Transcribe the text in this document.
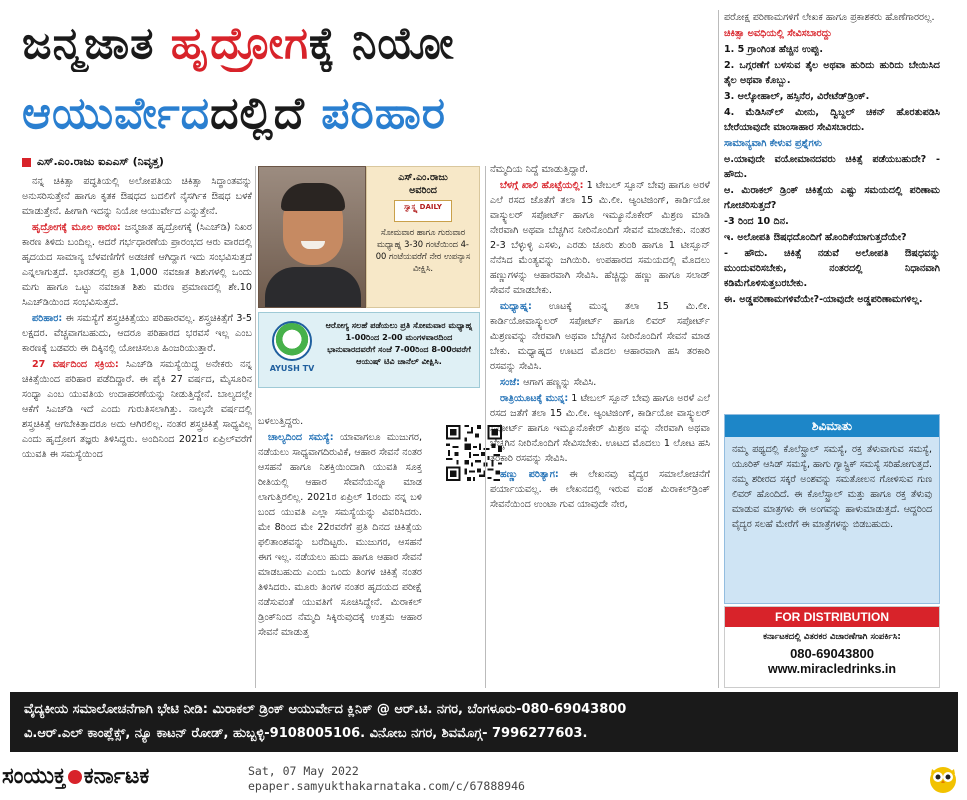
ಜನ್ಮಜಾತ ಹೃದ್ರೋಗಕ್ಕೆ ನಿಯೋ
ಆಯುರ್ವೇದದಲ್ಲಿದೆ ಪರಿಹಾರ
ಎಸ್.ಎಂ.ರಾಜು ಐಎಎಸ್ (ನಿವೃತ್ತ)

ನನ್ನ ಚಿಕಿತ್ಸಾ ಪದ್ಧತಿಯಲ್ಲಿ ಅಲೋಪತಿಯ ಚಿಕಿತ್ಸಾ ಸಿದ್ಧಾಂತವನ್ನು ಅನುಸರಿಸುತ್ತೇನೆ ಹಾಗೂ ಕೃತಕ ಔಷಧದ ಬದಲಿಗೆ ನೈಸರ್ಗಿಕ ಔಷಧ ಬಳಕೆ ಮಾಡುತ್ತೇನೆ. ಹೀಗಾಗಿ ಇದನ್ನು ನಿಯೋ ಆಯುರ್ವೇದ ಎನ್ನುತ್ತೇನೆ.

ಹೃದ್ರೋಗಕ್ಕೆ ಮೂಲ ಕಾರಣ: ಜನ್ಮಜಾತ ಹೃದ್ರೋಗಕ್ಕೆ (ಸಿಎಚ್‌ಡಿ) ನಿಖರ ಕಾರಣ ತಿಳಿದು ಬಂದಿಲ್ಲ. ಆದರೆ ಗರ್ಭಧಾರಣೆಯ ಪ್ರಾರಂಭದ ಆರು ವಾರದಲ್ಲಿ ಹೃದಯದ ಸಾಮಾನ್ಯ ಬೆಳವಣಿಗೆಗೆ ಅಡಚಣೆ ಆಗಿದ್ದಾಗ ಇದು ಸಂಭವಿಸುತ್ತದೆ ಎನ್ನಲಾಗುತ್ತದೆ. ಭಾರತದಲ್ಲಿ ಪ್ರತಿ 1,000 ನವಜಾತ ಶಿಶುಗಳಲ್ಲಿ ಒಂದು ಮಗು ಹಾಗೂ ಒಟ್ಟು ನವಜಾತ ಶಿಶು ಮರಣ ಪ್ರಮಾಣದಲ್ಲಿ ಶೇ.10 ಸಿಎಚ್‌ಡಿಯಿಂದ ಸಂಭವಿಸುತ್ತದೆ.

ಪರಿಹಾರ: ಈ ಸಮಸ್ಯೆಗೆ ಶಸ್ತ್ರಚಿಕಿತ್ಸೆಯು ಪರಿಹಾರವಲ್ಲ. ಶಸ್ತ್ರಚಿಕಿತ್ಸೆಗೆ 3-5 ಲಕ್ಷದರ. ವೆಚ್ಚವಾಗಬಹುದು, ಆದರೂ ಪರಿಹಾರದ ಭರವಸೆ ಇಲ್ಲ ಎಂಬ ಕಾರಣಕ್ಕೆ ಬಡವರು ಈ ದಿಕ್ಕಿನಲ್ಲಿ ಯೋಚಿಸಲೂ ಹಿಂಜರಿಯುತ್ತಾರೆ.

27 ವರ್ಷದಿಂದ ಸಕ್ರಿಯ: ಸಿಎಚ್‌ಡಿ ಸಮಸ್ಯೆಯಿದ್ದ ಅನೇಕರು ನನ್ನ ಚಿಕಿತ್ಸೆಯಿಂದ ಪರಿಹಾರ ಪಡೆದಿದ್ದಾರೆ. ಈ ಪೈಕಿ 27 ವರ್ಷದ, ಮೈಸೂರಿನ ಸಂಧ್ಯಾ ಎಂಬ ಯುವತಿಯ ಉದಾಹರಣೆಯನ್ನು ನೀಡುತ್ತಿದ್ದೇನೆ. ಬಾಲ್ಯದಲ್ಲೇ ಆಕೆಗೆ ಸಿಎಚ್‌ಡಿ ಇದೆ ಎಂದು ಗುರುತಿಸಲಾಗಿತ್ತು. ನಾಲ್ಕನೇ ವರ್ಷದಲ್ಲಿ ಶಸ್ತ್ರಚಿಕಿತ್ಸೆ ಆಗಬೇಕಿತ್ತಾದರೂ ಅದು ಆಗಿರಲಿಲ್ಲ. ನಂತರ ಶಸ್ತ್ರಚಿಕಿತ್ಸೆ ಸಾಧ್ಯವಿಲ್ಲ ಎಂದು ಹೃದ್ರೋಗ ತಜ್ಞರು ತಿಳಿಸಿದ್ದರು. ಅಂದಿನಿಂದ 2021ರ ಏಪ್ರಿಲ್‌ವರೆಗೆ ಯುವತಿ ಈ ಸಮಸ್ಯೆಯಿಂದ

ಎಸ್.ಎಂ.ರಾಜು
ಅವರಿಂದ
ಸ್ವಾಸ್ಥ್ಯ DAILY
ಸೋಮವಾರ ಹಾಗೂ ಗುರುವಾರ ಮಧ್ಯಾಹ್ನ 3-30 ಗಂಟೆಯಿಂದ 4-00 ಗಂಟೆಯವರೆಗೆ ನೇರ ಉಪನ್ಯಾಸ ವೀಕ್ಷಿಸಿ.
AYUSH TV
ಆರೋಗ್ಯ ಸಲಹೆ ಪಡೆಯಲು ಪ್ರತಿ ಸೋಮವಾರ ಮಧ್ಯಾಹ್ನ 1-00ರಿಂದ 2-00 ಮಂಗಳವಾರದಿಂದ ಭಾನುವಾರದವರೆಗೆ ಸಂಜೆ 7-00ರಿಂದ 8-00ರವರೆಗೆ ಆಯುಷ್ ಟಿವಿ ಚಾನೆಲ್ ವೀಕ್ಷಿಸಿ.

ಬಳಲುತ್ತಿದ್ದರು.

ಚಾಲ್ಯದಿಂದ ಸಮಸ್ಯೆ: ಯಾವಾಗಲೂ ಮುಜುಗರ, ನಡೆಯಲು ಸಾಧ್ಯವಾಗದಿರುವಿಕೆ, ಆಹಾರ ಸೇವನೆ ನಂತರ ಆಸಹನೆ ಹಾಗೂ ನಿಶಕ್ತಿಯಿಂದಾಗಿ ಯುವತಿ ಸೂಕ್ತ ರೀತಿಯಲ್ಲಿ ಆಹಾರ ಸೇವನೆಯನ್ನೂ ಮಾಡ ಲಾಗುತ್ತಿರಲಿಲ್ಲ. 2021ರ ಏಪ್ರಿಲ್ 1ರಂದು ನನ್ನ ಬಳಿ ಬಂದ ಯುವತಿ ಎಲ್ಲಾ ಸಮಸ್ಯೆಯನ್ನು ವಿವರಿಸಿದರು. ಮೇ 8ರಿಂದ ಮೇ 22ರವರೆಗೆ ಪ್ರತಿ ದಿನದ ಚಿಕಿತ್ಸೆಯ ಫಲಿತಾಂಶವನ್ನು ಬರೆದಿಟ್ಟರು. ಮುಜುಗರ, ಆಸಹನೆ ಈಗ ಇಲ್ಲ. ನಡೆಯಲು ಹುದು ಹಾಗೂ ಆಹಾರ ಸೇವನೆ ಮಾಡಬಹುದು ಎಂದು ಒಂದು ತಿಂಗಳ ಚಿಕಿತ್ಸೆ ನಂತರ ತಿಳಿಸಿದರು. ಮೂರು ತಿಂಗಳ ನಂತರ ಹೃದಯದ ಪರೀಕ್ಷೆ ನಡೆಸುವಂತೆ ಯುವತಿಗೆ ಸೂಚಿಸಿದ್ದೇನೆ. ಮಿರಾಕಲ್ ಡ್ರಿಂಕ್‌ನಿಂದ ನೆಮ್ಮದಿ ಸಿಕ್ಕಿರುವುದಕ್ಕೆ ಉತ್ತಮ ಆಹಾರ ಸೇವನೆ ಮಾಡುತ್ತ

ನೆಮ್ಮದಿಯ ನಿದ್ದೆ ಮಾಡುತ್ತಿದ್ದಾರೆ.

ಬೆಳಗ್ಗೆ ಖಾಲಿ ಹೊಟ್ಟೆಯಲ್ಲಿ: 1 ಟೇಬಲ್ ಸ್ಪೂನ್ ಬೇವು ಹಾಗೂ ಅರಳೆ ಎಲೆ ರಸದ ಜೊತೆಗೆ ತಲಾ 15 ಮಿ.ಲೀ. ಆ್ಯಂಟಿಜಿಂಗ್, ಕಾರ್ಡಿಯೋ ವಾಸ್ಕ್ಯುಲರ್ ಸಪೋರ್ಟ್ ಹಾಗೂ ಇಮ್ಯೂನೊಕೇರ್ ಮಿಶ್ರಣ ಮಾಡಿ ನೇರವಾಗಿ ಅಥವಾ ಬೆಚ್ಚಗಿನ ನೀರಿನೊಂದಿಗೆ ಸೇವನೆ ಮಾಡಬೇಕು. ನಂತರ 2-3 ಬೆಳ್ಳುಳ್ಳಿ ಎಸಳು, ಎರಡು ಚೂರು ಶುಂಠಿ ಹಾಗೂ 1 ಟೀಸ್ಪೂನ್ ನೆನೆಸಿದ ಮೆಂತ್ಯವನ್ನು ಜಗಿಯಿರಿ. ಉಪಹಾರದ ಸಮಯದಲ್ಲಿ ಮೊದಲು ಹಣ್ಣುಗಳನ್ನು ಆಹಾರವಾಗಿ ಸೇವಿಸಿ. ಹೆಚ್ಚಿದ್ದು ಹಣ್ಣು ಹಾಗೂ ಸಲಾಡ್ ಸೇವನೆ ಮಾಡಬೇಕು.

ಮಧ್ಯಾಹ್ನ: ಊಟಕ್ಕೆ ಮುನ್ನ ತಲಾ 15 ಮಿ.ಲೀ. ಕಾರ್ಡಿಯೋವಾಸ್ಕ್ಯುಲರ್ ಸಪೋರ್ಟ್ ಹಾಗೂ ಲಿವರ್ ಸಪೋರ್ಟ್ ಮಿಶ್ರಣವನ್ನು ನೇರವಾಗಿ ಅಥವಾ ಬೆಚ್ಚಗಿನ ನೀರಿನೊಂದಿಗೆ ಸೇವನೆ ಮಾಡ ಬೇಕು. ಮಧ್ಯಾಹ್ನದ ಊಟದ ಮೊದಲ ಆಹಾರವಾಗಿ ಹಸಿ ತರಕಾರಿ ರಸವನ್ನು ಸೇವಿಸಿ.

ಸಂಜೆ: ಆಗಾಗ ಹಣ್ಣನ್ನು ಸೇವಿಸಿ.

ರಾತ್ರಿಯೂಟಕ್ಕೆ ಮುನ್ನ: 1 ಟೇಬಲ್ ಸ್ಪೂನ್ ಬೇವು ಹಾಗೂ ಅರಳೆ ಎಲೆ ರಸದ ಜತೆಗೆ ತಲಾ 15 ಮಿ.ಲೀ. ಆ್ಯಂಟಿಜಿಂಗ್, ಕಾರ್ಡಿಯೋ ವಾಸ್ಕ್ಯುಲರ್ ಸಪೋರ್ಟ್ ಹಾಗೂ ಇಮ್ಯೂನೊಕೇರ್ ಮಿಶ್ರಣ ವನ್ನು ನೇರವಾಗಿ ಅಥವಾ ಬೆಚ್ಚಗಿನ ನೀರಿನೊಂದಿಗೆ ಸೇವಿಸಬೇಕು. ಊಟದ ಮೊದಲು 1 ಲೋಟ ಹಸಿ ತರಕಾರಿ ರಸವನ್ನು ಸೇವಿಸಿ.

ಹಣ್ಣು ಪರಿತ್ಯಾಗ: ಈ ಲೇಖನವು ವೈದ್ಯರ ಸಮಾಲೋಚನೆಗೆ ಪರ್ಯಾಯವಲ್ಲ. ಈ ಲೇಖನದಲ್ಲಿ ಇರುವ ವಂಶ ಮಿರಾಕಲ್‌ಡ್ರಿಂಕ್ ಸೇವನೆಯಿಂದ ಉಂಟಾ ಗುವ ಯಾವುದೇ ನೇರ,

ಪರೋಕ್ಷ ಪರಿಣಾಮಗಳಿಗೆ ಲೇಖಕ ಹಾಗೂ ಪ್ರಕಾಶಕರು ಹೊಣೆಗಾರರಲ್ಲ.

ಚಿಕಿತ್ಸಾ ಅವಧಿಯಲ್ಲಿ ಸೇವಿಸಬಾರದ್ದು

1. 5 ಗ್ರಾಂಗಿಂತ ಹೆಚ್ಚಿನ ಉಪ್ಪು.

2. ಒಗ್ಗರಣೆಗೆ ಬಳಸುವ ತೈಲ ಅಥವಾ ಹುರಿದು ಹುರಿದು ಬೇಯಿಸಿದ ತೈಲ ಅಥವಾ ಕೊಬ್ಬು.

3. ಆಲ್ಕೋಹಾಲ್, ಹಸ್ಸಿನೆರ, ವಿರೇಟೆಡ್‌ಡ್ರಿಂಕ್.

4. ಮೆಡಿಸಿನ್‌ಲ್ ಮೀನು, ದ್ವಿಬ್ದಲ್ ಚಿಕನ್ ಹೊರತುಪಡಿಸಿ ಬೇರೆಯಾವುದೇ ಮಾಂಸಾಹಾರ ಸೇವಿಸಬಾರದು.

ಸಾಮಾನ್ಯವಾಗಿ ಕೇಳುವ ಪ್ರಶ್ನೆಗಳು

ಅ.ಯಾವುದೇ ವಯೋಮಾನದವರು ಚಿಕಿತ್ಸೆ ಪಡೆಯಬಹುದೇ? - ಹೌದು.

ಆ. ಮಿರಾಕಲ್ ಡ್ರಿಂಕ್ ಚಿಕಿತ್ಸೆಯ ಎಷ್ಟು ಸಮಯದಲ್ಲಿ ಪರಿಣಾಮ ಗೋಚರಿಸುತ್ತದೆ?

-3 ರಿಂದ 10 ದಿನ.

ಇ. ಅಲೋಪತಿ ಔಷಧದೊಂದಿಗೆ ಹೊಂದಿಕೆಯಾಗುತ್ತದೆಯೇ?

- ಹೌದು. ಚಿಕಿತ್ಸೆ ನಡುವೆ ಅಲೋಪತಿ ಔಷಧವನ್ನು ಮುಂದುವರಿಸಬೇಕು, ನಂತರದಲ್ಲಿ ನಿಧಾನವಾಗಿ ಕಡಿಮೆಗೊಳಿಸುತ್ತಬರಬೇಕು.

ಈ. ಅಡ್ಡಪರಿಣಾಮಗಳಿವೆಯೇ?-ಯಾವುದೇ ಅಡ್ಡಪರಿಣಾಮಗಳಿಲ್ಲ.

ಶಿವಿಮಾತು
ನಮ್ಮ ಪಥ್ಯದಲ್ಲಿ ಕೊಲೆಸ್ಟ್ರಾಲ್ ಸಮಸ್ಯೆ, ರಕ್ತ ತೆಳುವಾಗುವ ಸಮಸ್ಯೆ, ಯೂರಿಕ್ ಆಸಿಡ್ ಸಮಸ್ಯೆ, ಹಾಗು ಗ್ಯಾಸ್ಟ್ರಿಕ್ ಸಮಸ್ಯೆ ಸರಿಹೋಗುತ್ತದೆ. ನಮ್ಮ ಶರೀರದ ಸಕ್ಕರೆ ಅಂಶವನ್ನು ಸಮತೋಲನ ಗೋಳಿಸುವ ಗುಣ ಲಿವರ್ ಹೊಂದಿದೆ. ಈ ಕೊಲೆಸ್ಟ್ರಾಲ್ ಮತ್ತು ಹಾಗೂ ರಕ್ತ ತೆಳುವು ಮಾಡುವ ಮಾತ್ರಗಳು ಈ ಅಂಗವನ್ನು ಹಾಳುಮಾಡುತ್ತದೆ. ಆದ್ದರಿಂದ ವೈದ್ಯರ ಸಲಹೆ ಮೇರೆಗೆ ಈ ಮಾತ್ರೆಗಳನ್ನು ಬಿಡಬಹುದು.
FOR DISTRIBUTION
ಕರ್ನಾಟಕದಲ್ಲಿ ವಿತರಕರ ವಿಚಾರಣೆಗಾಗಿ ಸಂಪರ್ಕಿಸಿ:
080-69043800
www.miracledrinks.in
ವೈದ್ಯಕೀಯ ಸಮಾಲೋಚನೆಗಾಗಿ ಭೇಟಿ ನೀಡಿ: ಮಿರಾಕಲ್ ಡ್ರಿಂಕ್ ಆಯುರ್ವೇದ ಕ್ಲಿನಿಕ್ @ ಆರ್.ಟಿ. ನಗರ, ಬೆಂಗಳೂರು-080-69043800
ವಿ.ಆರ್.ಎಲ್ ಕಾಂಪ್ಲೆಕ್ಸ್, ನ್ಯೂ ಕಾಟನ್ ರೋಡ್, ಹುಬ್ಬಳ್ಳಿ-9108005106. ವಿನೋಬ ನಗರ, ಶಿವಮೊಗ್ಗ- 7996277603.
ಸಂಯುಕ್ತ ಕರ್ನಾಟಕ	Sat, 07 May 2022
epaper.samyukthakarnataka.com/c/67888946
